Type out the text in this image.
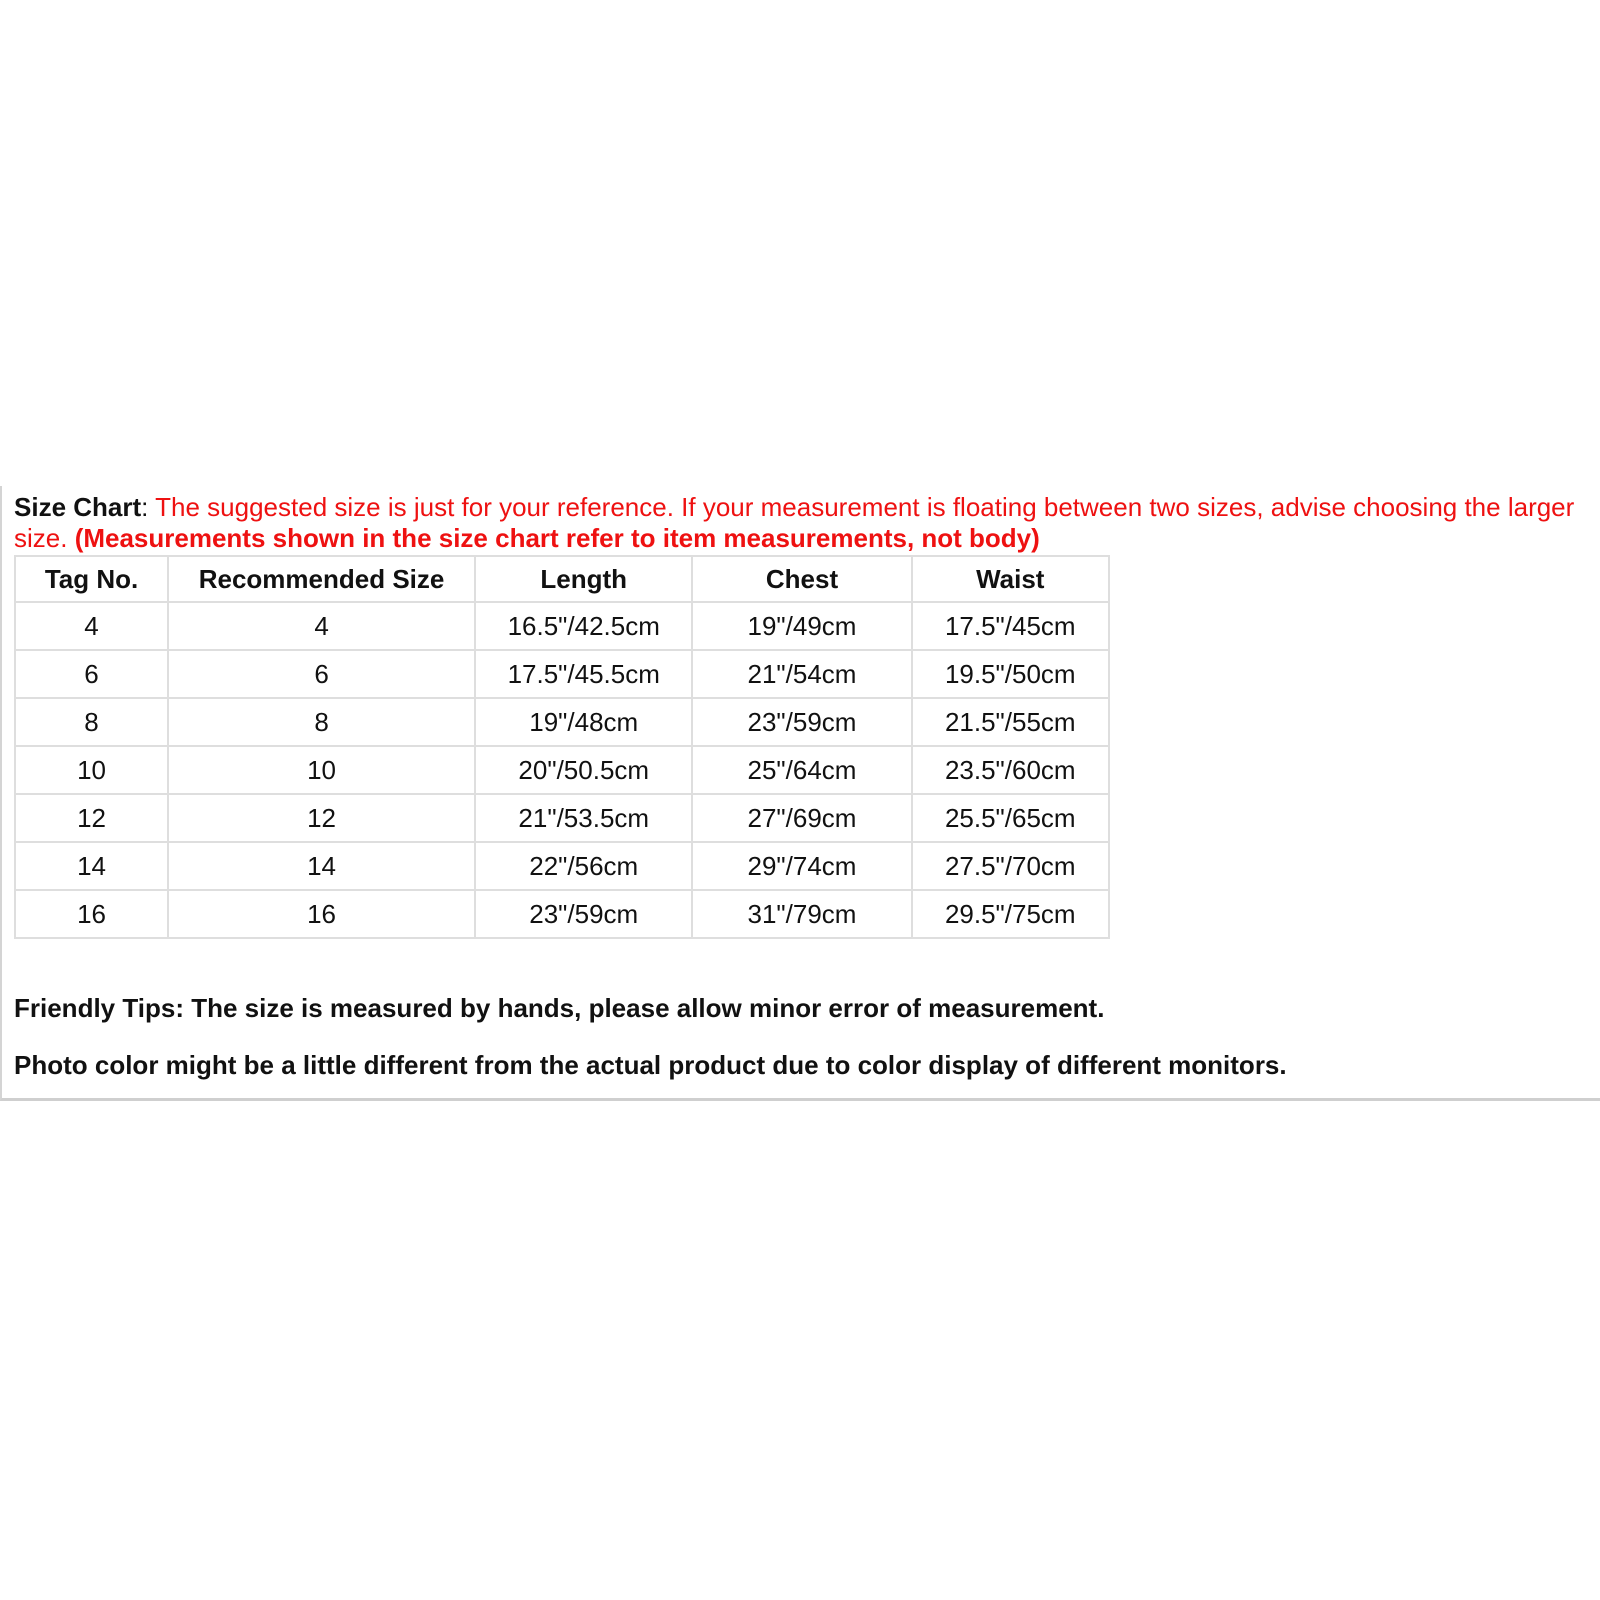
Size Chart: The suggested size is just for your reference. If your measurement is floating between two sizes, advise choosing the larger size. (Measurements shown in the size chart refer to item measurements, not body)
Tag No.	Recommended Size	Length	Chest	Waist
4	4	16.5"/42.5cm	19"/49cm	17.5"/45cm
6	6	17.5"/45.5cm	21"/54cm	19.5"/50cm
8	8	19"/48cm	23"/59cm	21.5"/55cm
10	10	20"/50.5cm	25"/64cm	23.5"/60cm
12	12	21"/53.5cm	27"/69cm	25.5"/65cm
14	14	22"/56cm	29"/74cm	27.5"/70cm
16	16	23"/59cm	31"/79cm	29.5"/75cm
Friendly Tips: The size is measured by hands, please allow minor error of measurement.
Photo color might be a little different from the actual product due to color display of different monitors.
